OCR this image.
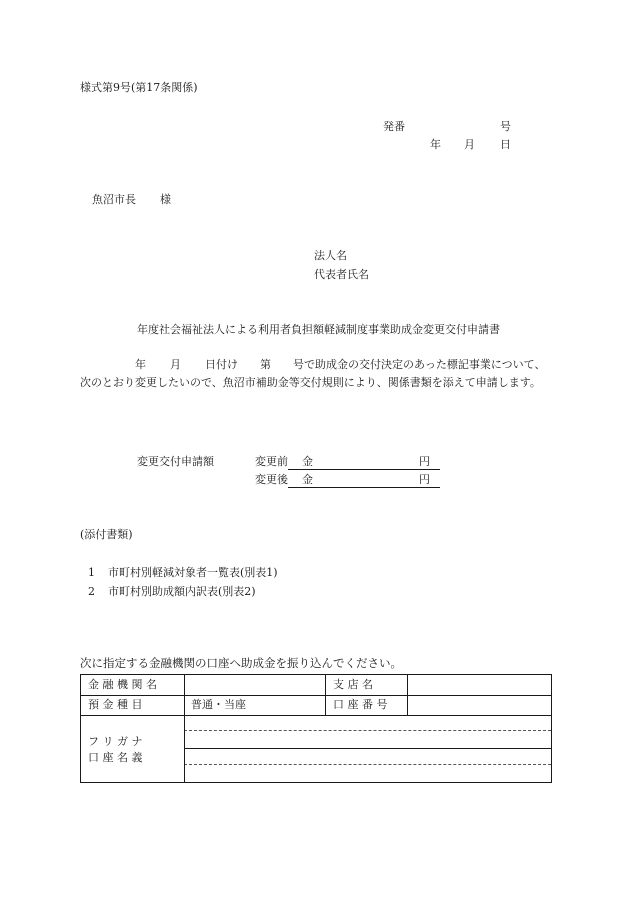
様式第9号(第17条関係)
発番	号
年 月 日
魚沼市長 様
法人名
代表者氏名
年度社会福祉法人による利用者負担額軽減制度事業助成金変更交付申請書
年 月 日付け 第 号で助成金の交付決定のあった標記事業について、次のとおり変更したいので、魚沼市補助金等交付規則により、関係書類を添えて申請します。
変更交付申請額	変更前 金	円
変更後 金	円
(添付書類)
1 市町村別軽減対象者一覧表(別表1)
2 市町村別助成額内訳表(別表2)
次に指定する金融機関の口座へ助成金を振り込んでください。
金 融 機 関 名	支 店 名
預 金 種 目	普通・当座	口 座 番 号
フ リ ガ ナ
口 座 名 義
